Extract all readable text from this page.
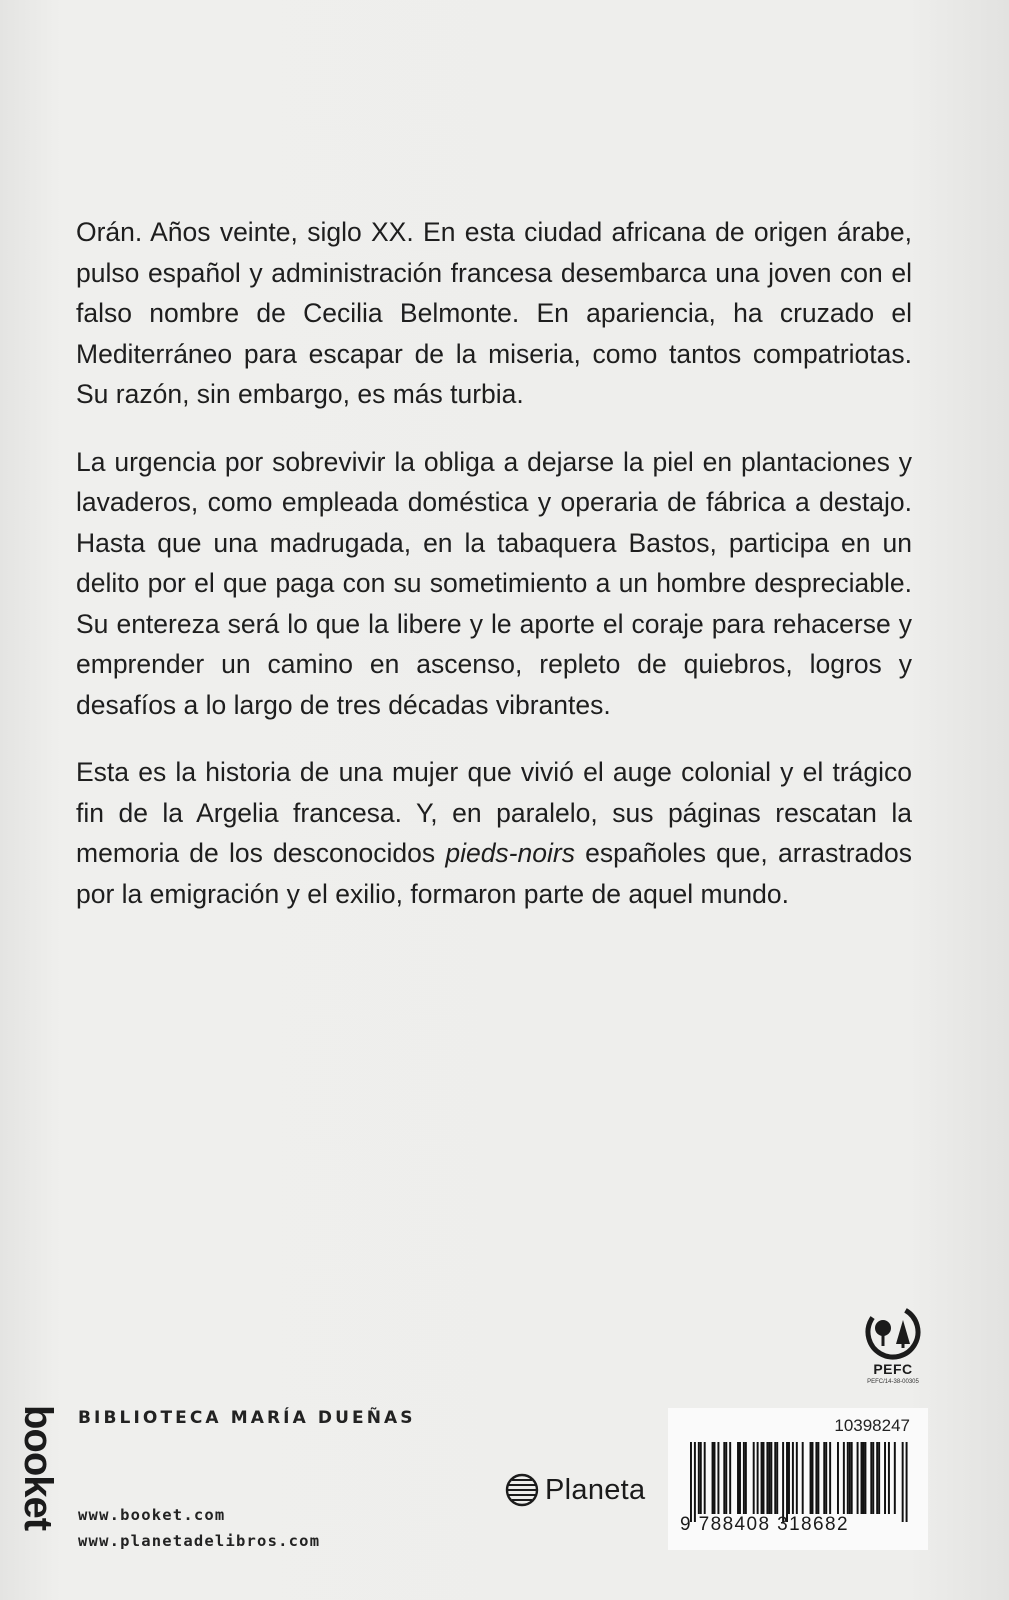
Orán. Años veinte, siglo XX. En esta ciudad africana de origen árabe, pulso español y administración francesa desembarca una joven con el falso nombre de Cecilia Belmonte. En apariencia, ha cruzado el Mediterráneo para escapar de la miseria, como tantos compatriotas. Su razón, sin embargo, es más turbia.

La urgencia por sobrevivir la obliga a dejarse la piel en plantaciones y lavaderos, como empleada doméstica y operaria de fábrica a destajo. Hasta que una madrugada, en la tabaquera Bastos, participa en un delito por el que paga con su sometimiento a un hombre despreciable. Su entereza será lo que la libere y le aporte el coraje para rehacerse y emprender un camino en ascenso, repleto de quiebros, logros y desafíos a lo largo de tres décadas vibrantes.

Esta es la historia de una mujer que vivió el auge colonial y el trágico fin de la Argelia francesa. Y, en paralelo, sus páginas rescatan la memoria de los desconocidos pieds-noirs españoles que, arrastrados por la emigración y el exilio, formaron parte de aquel mundo.

PEFC
PEFC/14-38-00305
booket BIBLIOTECA MARÍA DUEÑAS
www.booket.com
www.planetadelibros.com
Planeta
10398247
9 788408 318682
